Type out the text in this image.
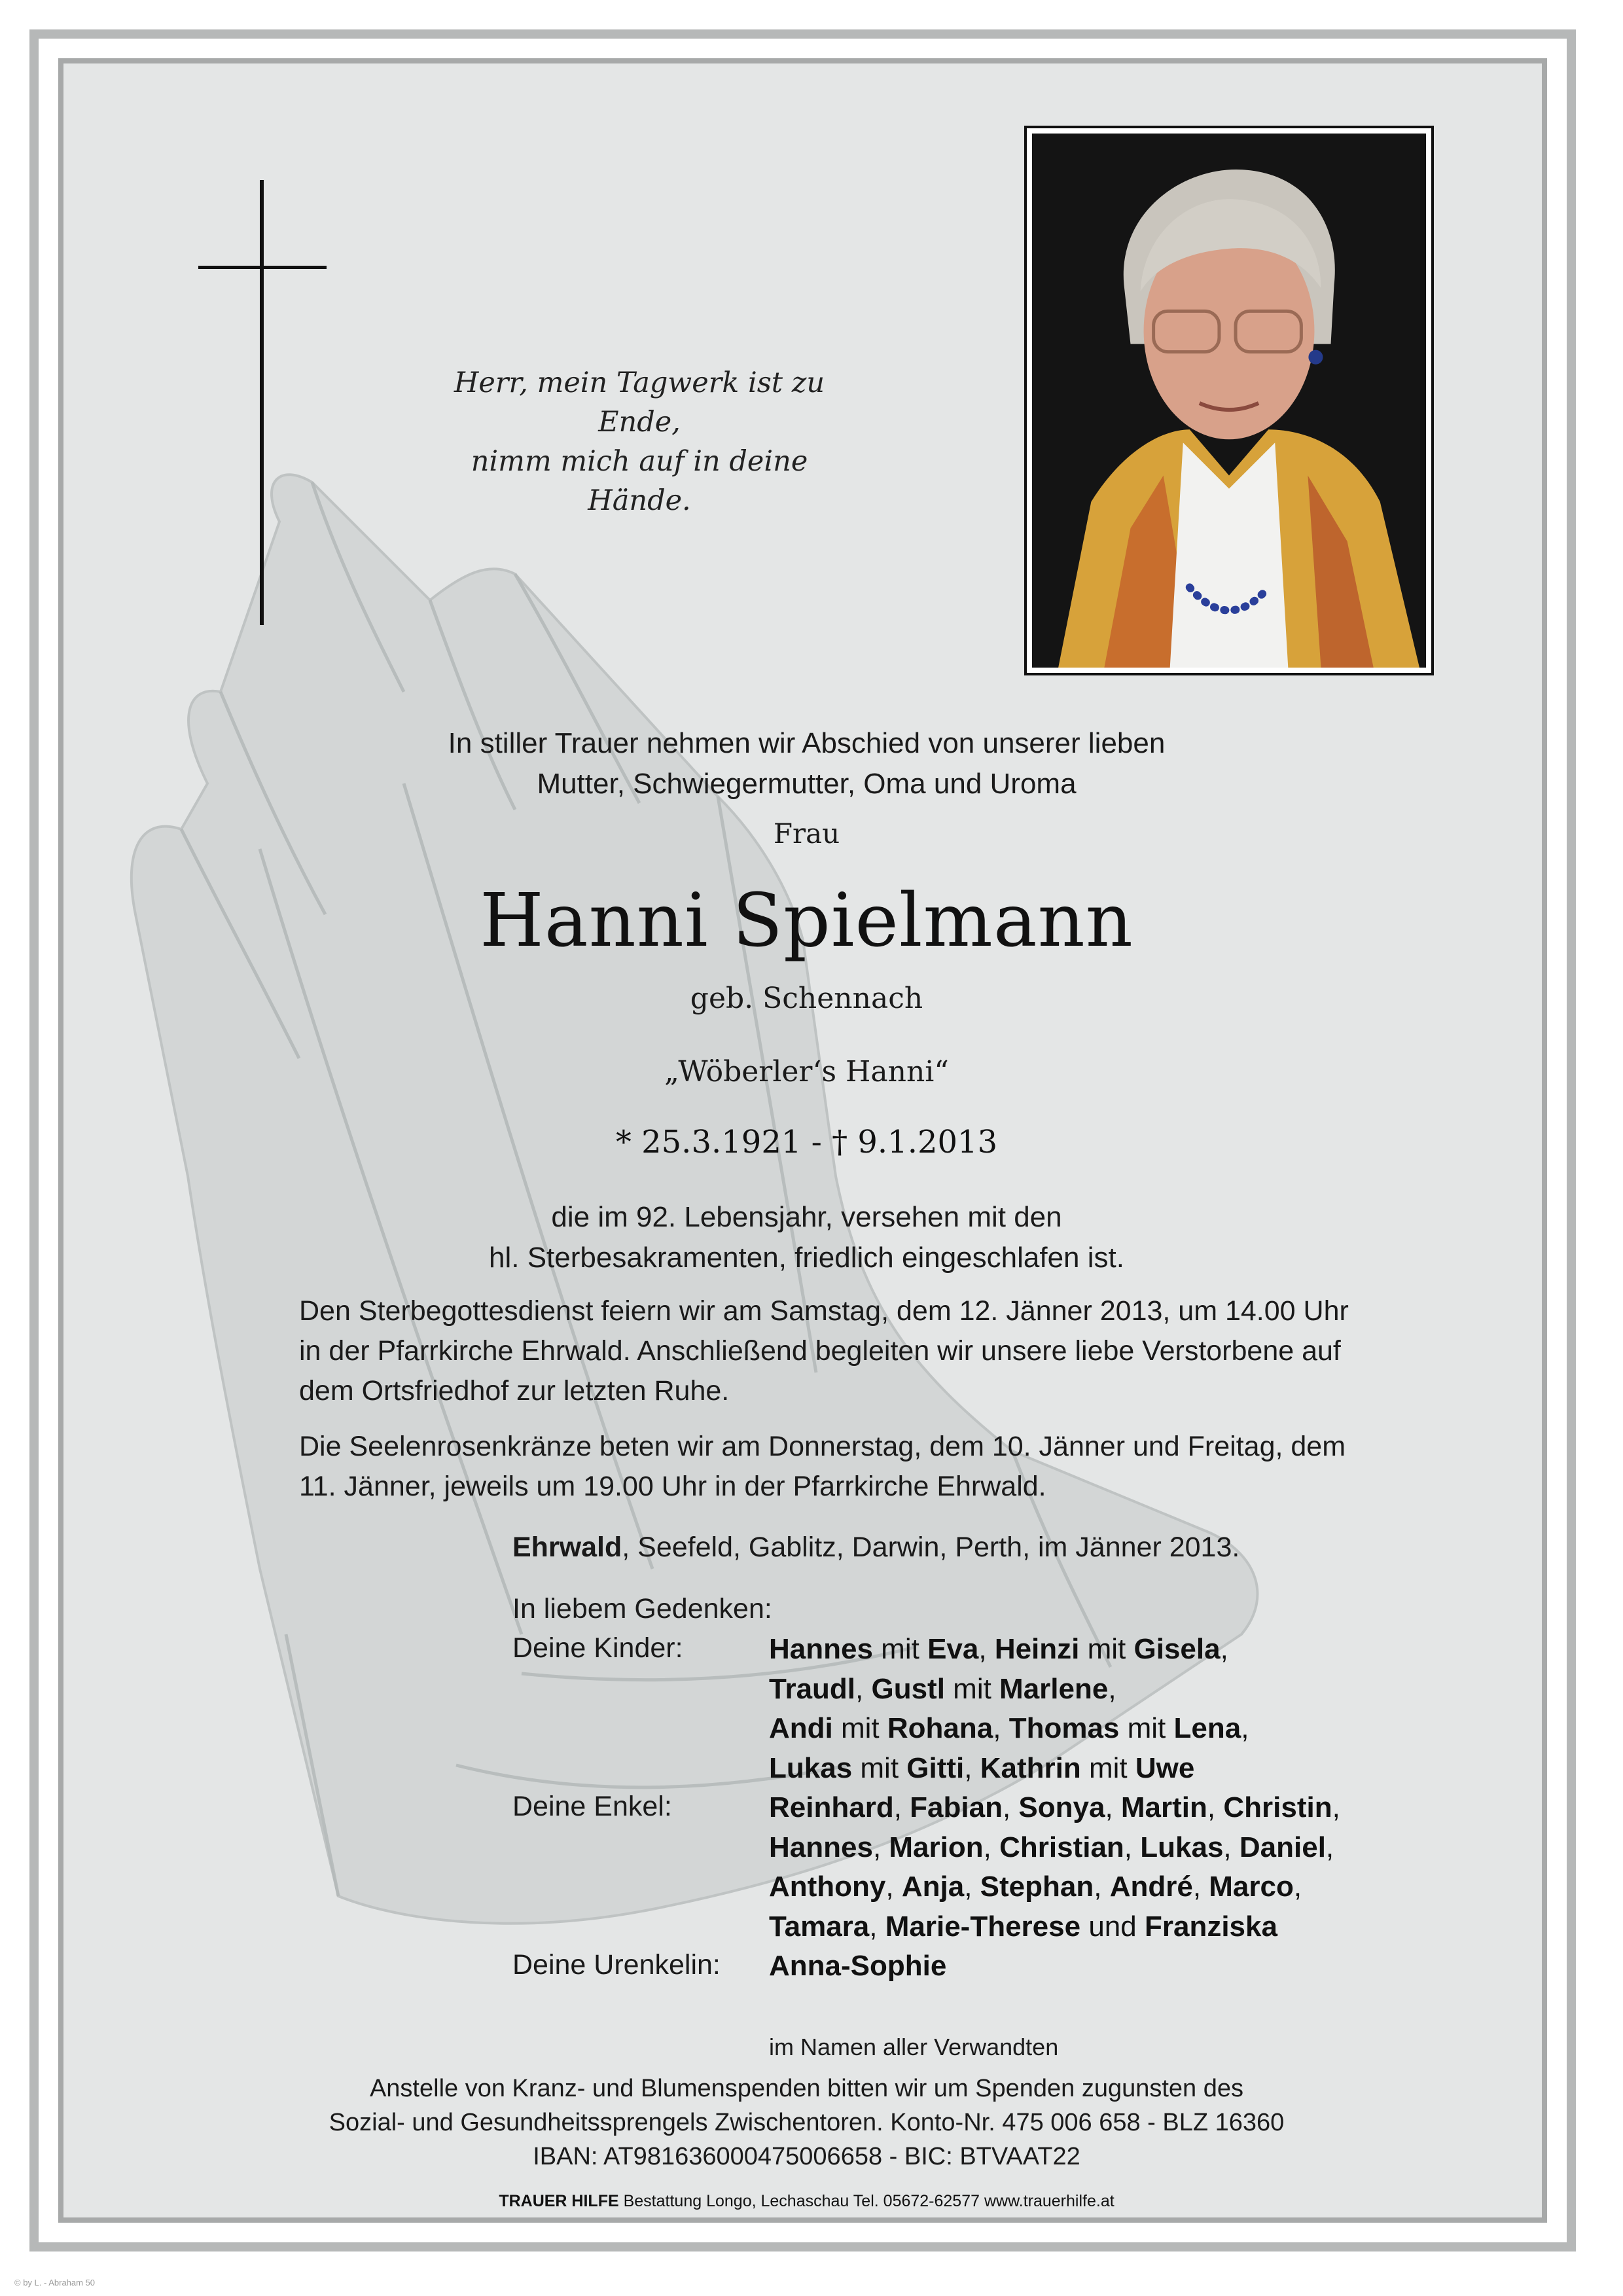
Herr, mein Tagwerk ist zu Ende,
nimm mich auf in deine Hände.
In stiller Trauer nehmen wir Abschied von unserer lieben
Mutter, Schwiegermutter, Oma und Uroma
Frau
Hanni Spielmann
geb. Schennach
„Wöberler‘s Hanni“
* 25.3.1921 - † 9.1.2013
die im 92. Lebensjahr, versehen mit den
hl. Sterbesakramenten, friedlich eingeschlafen ist.
Den Sterbegottesdienst feiern wir am Samstag, dem 12. Jänner 2013, um 14.00 Uhr
in der Pfarrkirche Ehrwald. Anschließend begleiten wir unsere liebe Verstorbene auf
dem Ortsfriedhof zur letzten Ruhe.
Die Seelenrosenkränze beten wir am Donnerstag, dem 10. Jänner und Freitag, dem
11. Jänner, jeweils um 19.00 Uhr in der Pfarrkirche Ehrwald.
Ehrwald, Seefeld, Gablitz, Darwin, Perth, im Jänner 2013.
In liebem Gedenken:
Deine Kinder:	Hannes mit Eva, Heinzi mit Gisela,
Traudl, Gustl mit Marlene,
Andi mit Rohana, Thomas mit Lena,
Lukas mit Gitti, Kathrin mit Uwe
Deine Enkel:	Reinhard, Fabian, Sonya, Martin, Christin,
Hannes, Marion, Christian, Lukas, Daniel,
Anthony, Anja, Stephan, André, Marco,
Tamara, Marie-Therese und Franziska
Deine Urenkelin: Anna-Sophie
im Namen aller Verwandten
Anstelle von Kranz- und Blumenspenden bitten wir um Spenden zugunsten des
Sozial- und Gesundheitssprengels Zwischentoren. Konto-Nr. 475 006 658 - BLZ 16360
IBAN: AT981636000475006658 - BIC: BTVAAT22
TRAUER HILFE Bestattung Longo, Lechaschau Tel. 05672-62577 www.trauerhilfe.at
© by L. - Abraham 50
